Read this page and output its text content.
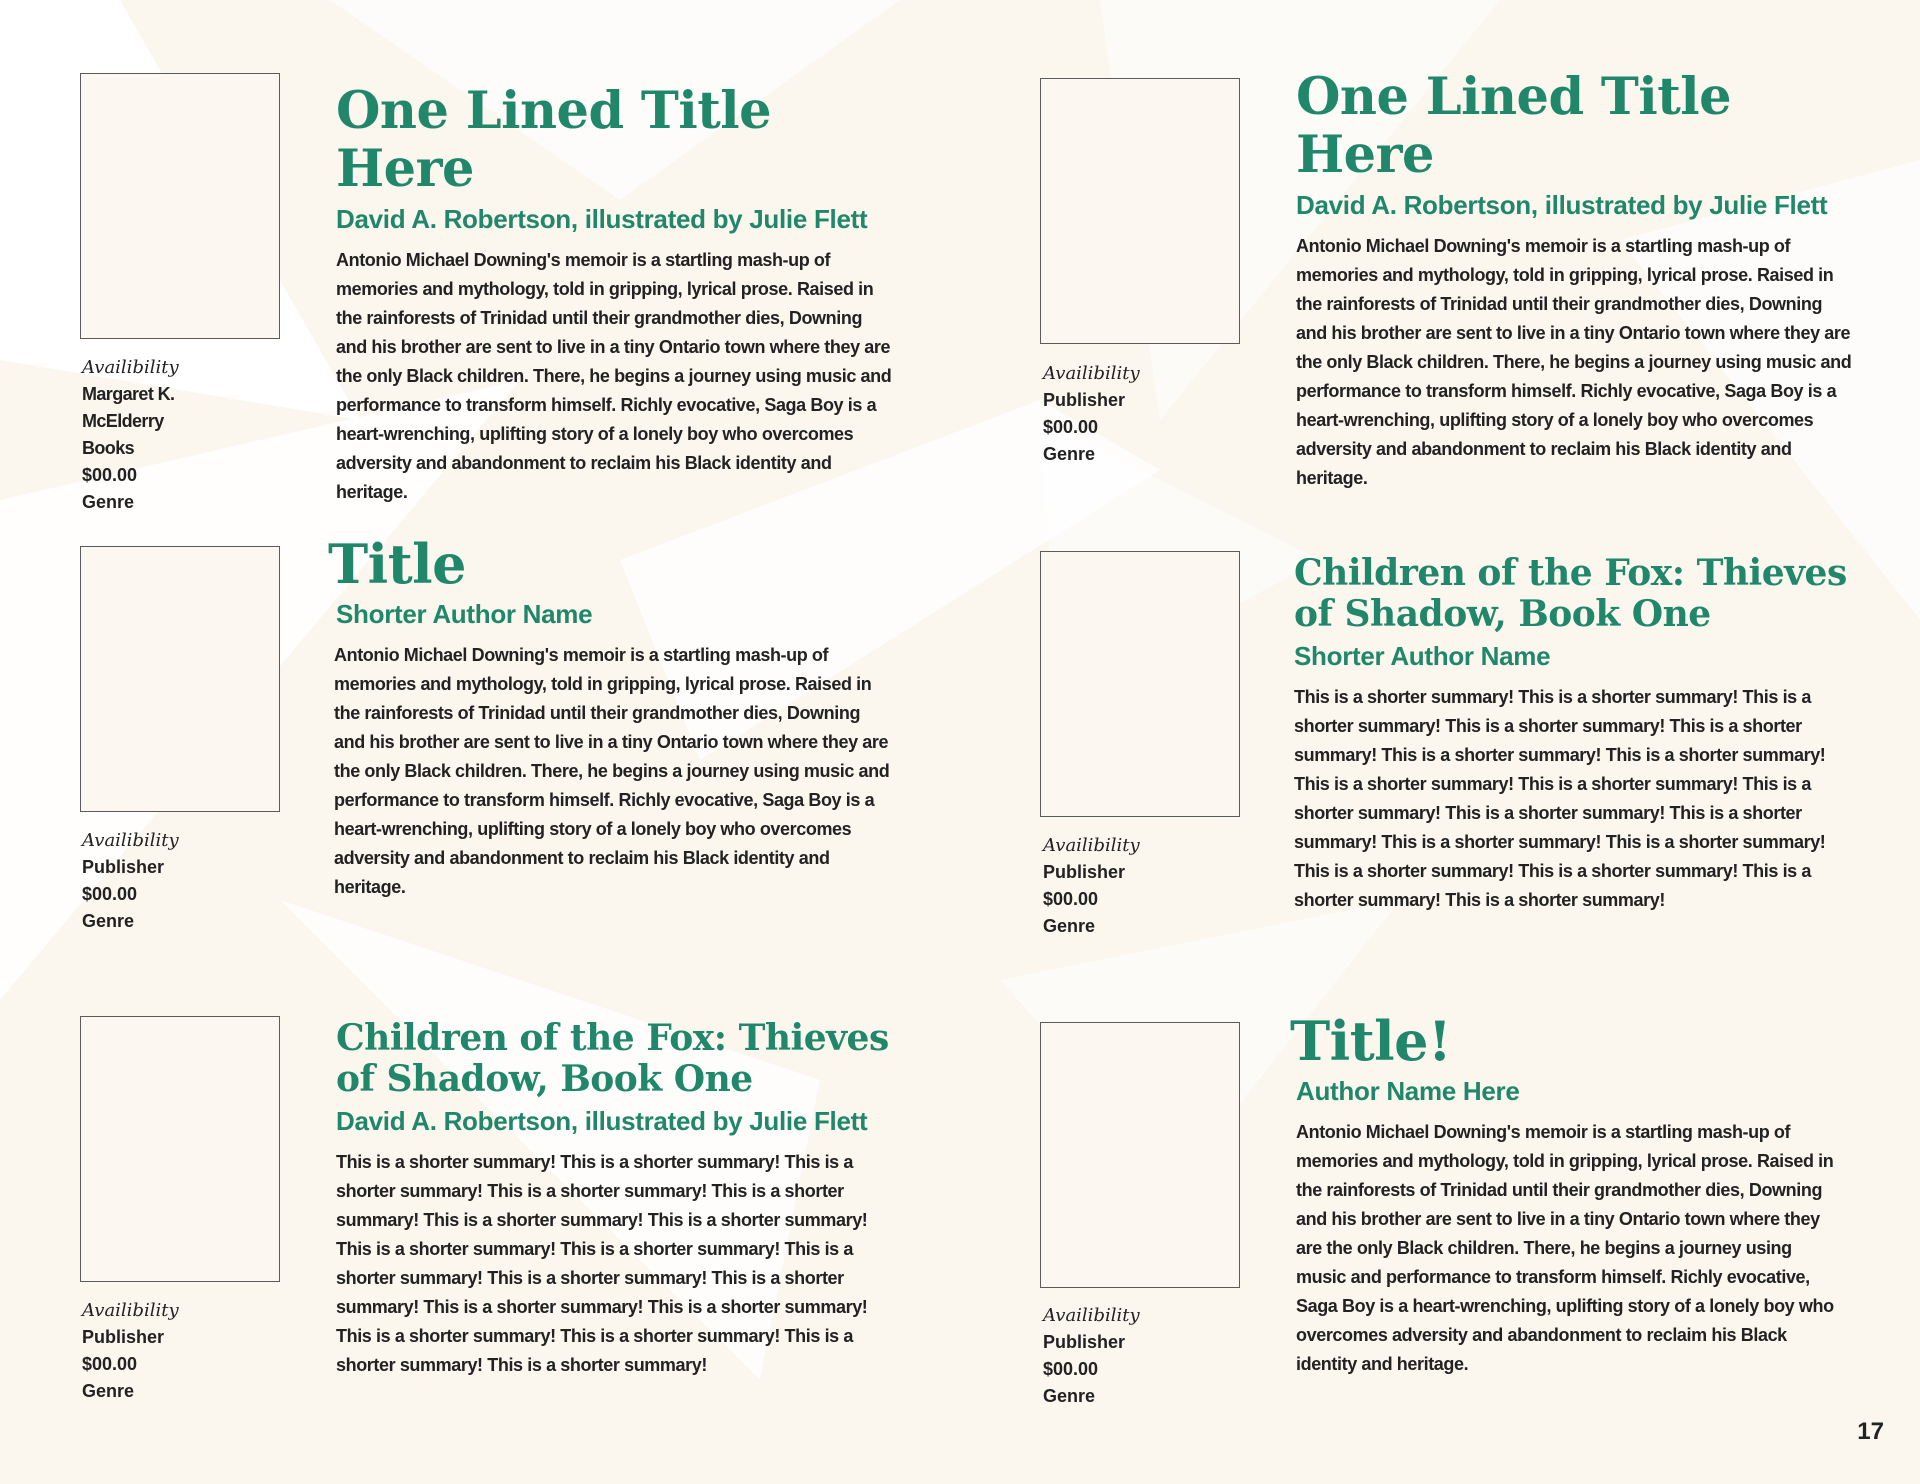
Availibility
Margaret K. McElderry Books
$00.00
Genre
One Lined Title Here
David A. Robertson, illustrated by Julie Flett

Antonio Michael Downing's memoir is a startling mash-up of memories and mythology, told in gripping, lyrical prose. Raised in the rainforests of Trinidad until their grandmother dies, Downing and his brother are sent to live in a tiny Ontario town where they are the only Black children. There, he begins a journey using music and performance to transform himself. Richly evocative, Saga Boy is a heart-wrenching, uplifting story of a lonely boy who overcomes adversity and abandonment to reclaim his Black identity and heritage.

Availibility
Publisher
$00.00
Genre
One Lined Title Here
David A. Robertson, illustrated by Julie Flett

Antonio Michael Downing's memoir is a startling mash-up of memories and mythology, told in gripping, lyrical prose. Raised in the rainforests of Trinidad until their grandmother dies, Downing and his brother are sent to live in a tiny Ontario town where they are the only Black children. There, he begins a journey using music and performance to transform himself. Richly evocative, Saga Boy is a heart-wrenching, uplifting story of a lonely boy who overcomes adversity and abandonment to reclaim his Black identity and heritage.

Availibility
Publisher
$00.00
Genre
Title
Shorter Author Name

Antonio Michael Downing's memoir is a startling mash-up of memories and mythology, told in gripping, lyrical prose. Raised in the rainforests of Trinidad until their grandmother dies, Downing and his brother are sent to live in a tiny Ontario town where they are the only Black children. There, he begins a journey using music and performance to transform himself. Richly evocative, Saga Boy is a heart-wrenching, uplifting story of a lonely boy who overcomes adversity and abandonment to reclaim his Black identity and heritage.

Availibility
Publisher
$00.00
Genre
Children of the Fox: Thieves of Shadow, Book One
Shorter Author Name

This is a shorter summary! This is a shorter summary! This is a shorter summary! This is a shorter summary! This is a shorter summary! This is a shorter summary! This is a shorter summary! This is a shorter summary! This is a shorter summary! This is a shorter summary! This is a shorter summary! This is a shorter summary! This is a shorter summary! This is a shorter summary! This is a shorter summary! This is a shorter summary! This is a shorter summary! This is a shorter summary!

Availibility
Publisher
$00.00
Genre
Children of the Fox: Thieves of Shadow, Book One
David A. Robertson, illustrated by Julie Flett

This is a shorter summary! This is a shorter summary! This is a shorter summary! This is a shorter summary! This is a shorter summary! This is a shorter summary! This is a shorter summary! This is a shorter summary! This is a shorter summary! This is a shorter summary! This is a shorter summary! This is a shorter summary! This is a shorter summary! This is a shorter summary! This is a shorter summary! This is a shorter summary! This is a shorter summary! This is a shorter summary!

Availibility
Publisher
$00.00
Genre
Title!
Author Name Here

Antonio Michael Downing's memoir is a startling mash-up of memories and mythology, told in gripping, lyrical prose. Raised in the rainforests of Trinidad until their grandmother dies, Downing and his brother are sent to live in a tiny Ontario town where they are the only Black children. There, he begins a journey using music and performance to transform himself. Richly evocative, Saga Boy is a heart-wrenching, uplifting story of a lonely boy who overcomes adversity and abandonment to reclaim his Black identity and heritage.

17
